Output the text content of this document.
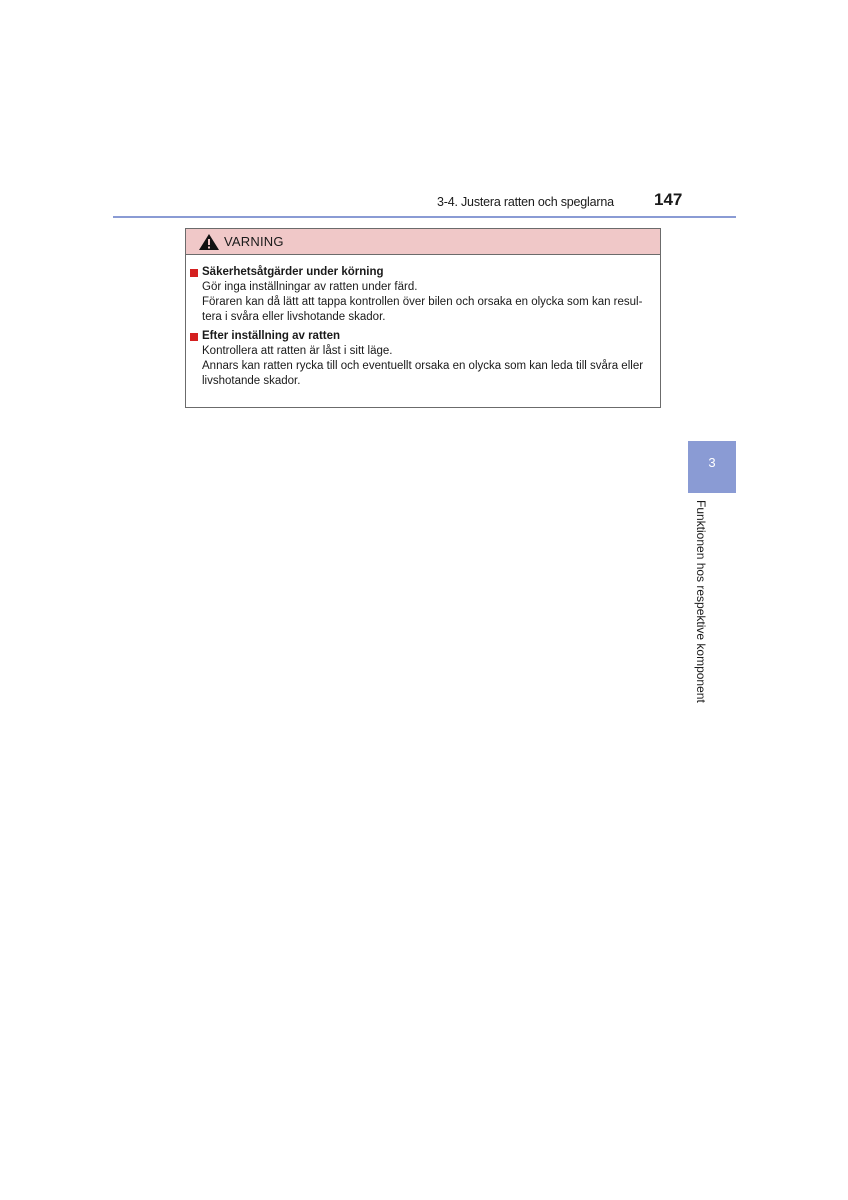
3-4. Justera ratten och speglarna 147
VARNING
Säkerhetsåtgärder under körning
Gör inga inställningar av ratten under färd.
Föraren kan då lätt att tappa kontrollen över bilen och orsaka en olycka som kan resul-
tera i svåra eller livshotande skador.
Efter inställning av ratten
Kontrollera att ratten är låst i sitt läge.
Annars kan ratten rycka till och eventuellt orsaka en olycka som kan leda till svåra eller
livshotande skador.
3
Funktionen hos respektive komponent
